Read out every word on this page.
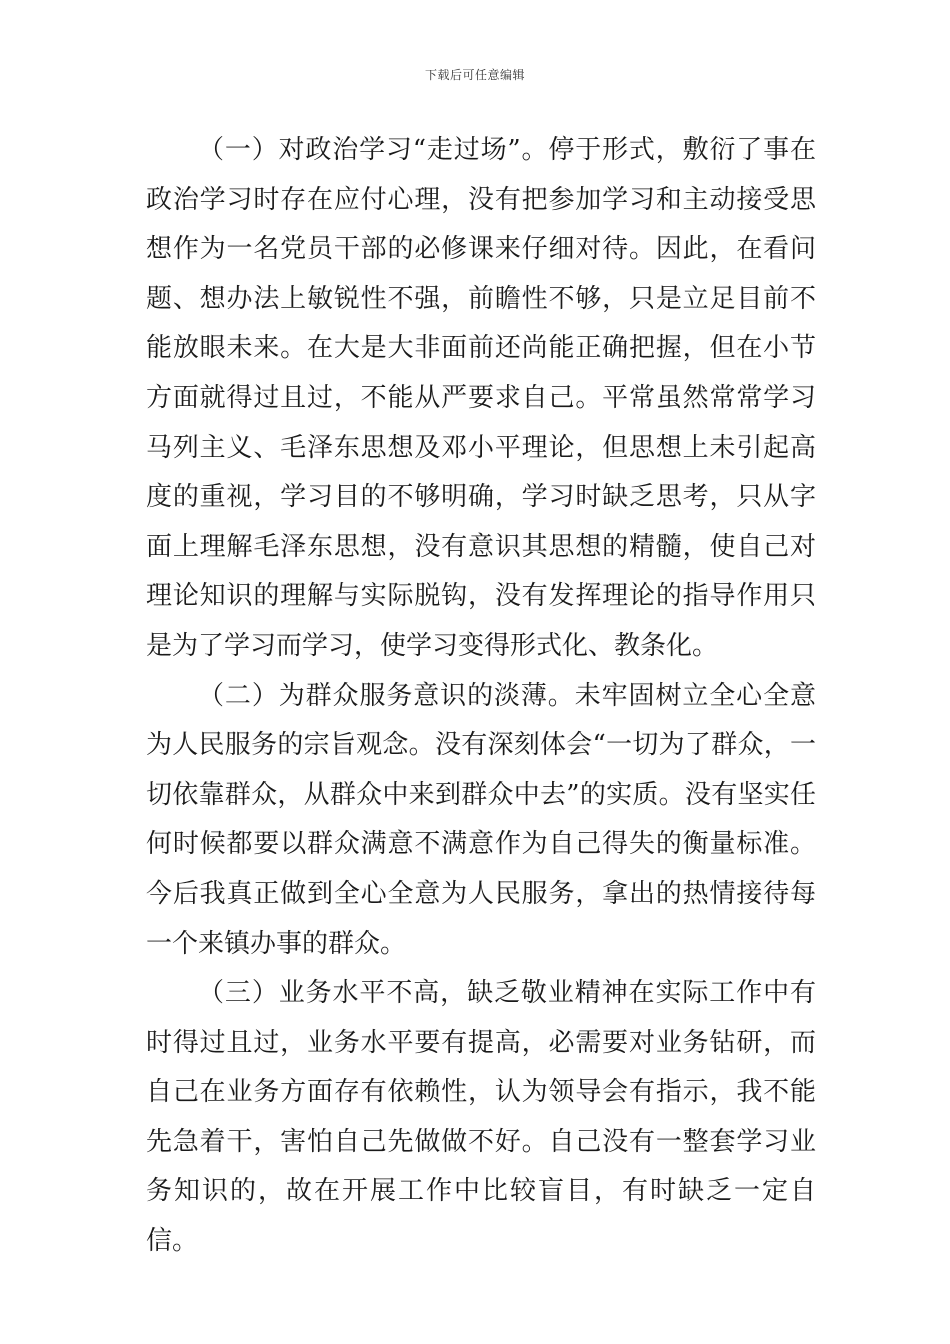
下载后可任意编辑

（一）对政治学习“走过场”。停于形式，敷衍了事在政治学习时存在应付心理，没有把参加学习和主动接受思想作为一名党员干部的必修课来仔细对待。因此，在看问题、想办法上敏锐性不强，前瞻性不够，只是立足目前不能放眼未来。在大是大非面前还尚能正确把握，但在小节方面就得过且过，不能从严要求自己。平常虽然常常学习马列主义、毛泽东思想及邓小平理论，但思想上未引起高度的重视，学习目的不够明确，学习时缺乏思考，只从字面上理解毛泽东思想，没有意识其思想的精髓，使自己对理论知识的理解与实际脱钩，没有发挥理论的指导作用只是为了学习而学习，使学习变得形式化、教条化。

（二）为群众服务意识的淡薄。未牢固树立全心全意为人民服务的宗旨观念。没有深刻体会“一切为了群众，一切依靠群众，从群众中来到群众中去”的实质。没有坚实任何时候都要以群众满意不满意作为自己得失的衡量标准。今后我真正做到全心全意为人民服务，拿出的热情接待每一个来镇办事的群众。

（三）业务水平不高，缺乏敬业精神在实际工作中有时得过且过，业务水平要有提高，必需要对业务钻研，而自己在业务方面存有依赖性，认为领导会有指示，我不能先急着干，害怕自己先做做不好。自己没有一整套学习业务知识的，故在开展工作中比较盲目，有时缺乏一定自信。
